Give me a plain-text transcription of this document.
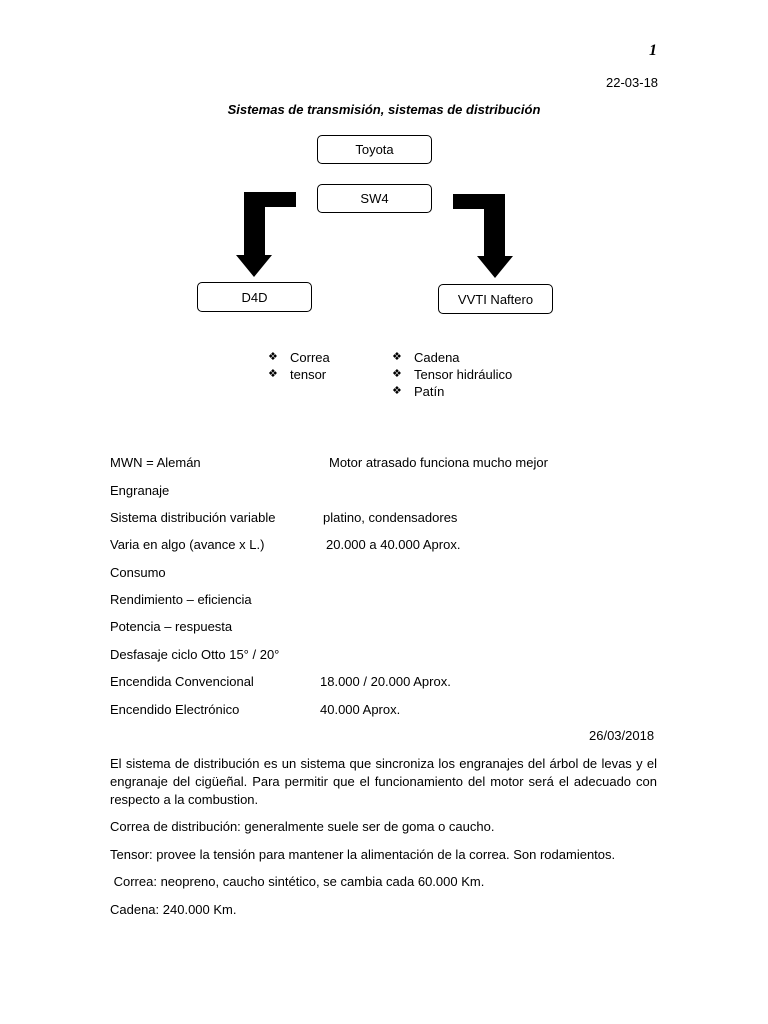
1
22-03-18
Sistemas de transmisión, sistemas de distribución
Toyota
SW4
D4D	VVTI Naftero
❖ Correa
❖ tensor
❖ Cadena
❖ Tensor hidráulico
❖ Patín
MWN = Alemán	Motor atrasado funciona mucho mejor
Engranaje
Sistema distribución variable	platino, condensadores
Varia en algo (avance x L.)	20.000 a 40.000 Aprox.
Consumo
Rendimiento – eficiencia
Potencia – respuesta
Desfasaje ciclo Otto 15° / 20°
Encendida Convencional	18.000 / 20.000 Aprox.
Encendido Electrónico	40.000 Aprox.
26/03/2018
El sistema de distribución es un sistema que sincroniza los engranajes del árbol de levas y el engranaje del cigüeñal. Para permitir que el funcionamiento del motor será el adecuado con respecto a la combustion.
Correa de distribución: generalmente suele ser de goma o caucho.
Tensor: provee la tensión para mantener la alimentación de la correa. Son rodamientos.
Correa: neopreno, caucho sintético, se cambia cada 60.000 Km.
Cadena: 240.000 Km.
